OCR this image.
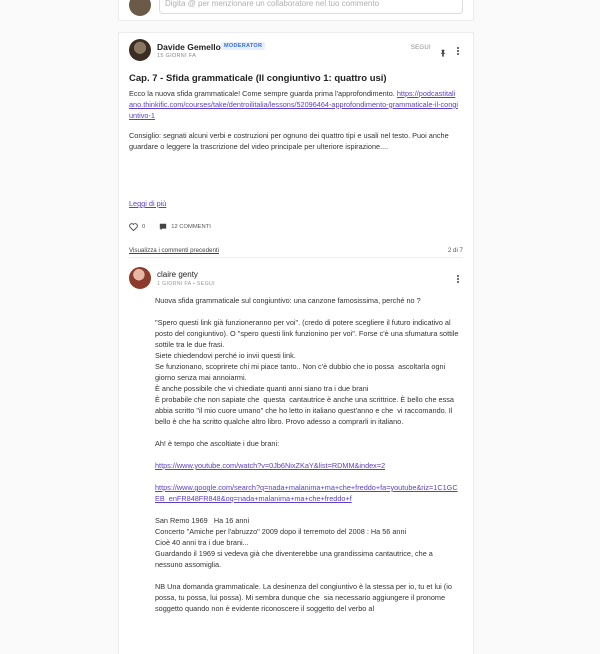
Digita @ per menzionare un collaboratore nel tuo commento
Davide Gemello MODERATOR
15 GIORNI FA
SEGUI
Cap. 7 - Sfida grammaticale (Il congiuntivo 1: quattro usi)

Ecco la nuova sfida grammaticale! Come sempre guarda prima l'approfondimento. https://podcastitaliano.thinkific.com/courses/take/dentroilitalia/lessons/52096464-approfondimento-grammaticale-il-congiuntivo-1

Consiglio: segnati alcuni verbi e costruzioni per ognuno dei quattro tipi e usali nel testo. Puoi anche guardare o leggere la trascrizione del video principale per ulteriore ispirazione....

Leggi di più
0	12 COMMENTI
Visualizza i commenti precedenti	2 di 7
claire genty
1 GIORNI FA • SEGUI
Nuova sfida grammaticale sul congiuntivo: una canzone famosissima, perché no ?
"Spero questi link già funzioneranno per voi". (credo di potere scegliere il futuro indicativo al posto del congiuntivo). O "spero questi link funzionino per voi". Forse c'è una sfumatura sottile sottile tra le due frasi.
Siete chiedendovi perché io invii questi link.
Se funzionano, scoprirete chi mi piace tanto.. Non c'è dubbio che io possa  ascoltarla ogni giorno senza mai annoiarmi.
È anche possibile che vi chiediate quanti anni siano tra i due brani
È probabile che non sapiate che  questa  cantautrice è anche una scrittrice. È bello che essa abbia scritto "il mio cuore umano" che ho letto in italiano quest'anno e che  vi raccomando. Il bello è che ha scritto qualche altro libro. Provo adesso a comprarli in italiano.
Ah! è tempo che ascoltiate i due brani:
https://www.youtube.com/watch?v=0Jb6NixZKaY&list=RDMM&index=2
https://www.google.com/search?q=nada+malanima+ma+che+freddo+fa=youtube&riz=1C1GCEB_enFR848FR848&oq=nada+malanima+ma+che+freddo+f
San Remo 1969   Ha 16 anni
Concerto "Amiche per l'abruzzo" 2009 dopo il terremoto del 2008 : Ha 56 anni
Cioè 40 anni tra i due brani...
Guardando il 1969 si vedeva già che diventerebbe una grandissima cantautrice, che a nessuno assomiglia.
NB Una domanda grammaticale. La desinenza del congiuntivo è la stessa per io, tu et lui (io possa, tu possa, lui possa). Mi sembra dunque che  sia necessario aggiungere il pronome soggetto quando non è evidente riconoscere il soggetto del verbo al
